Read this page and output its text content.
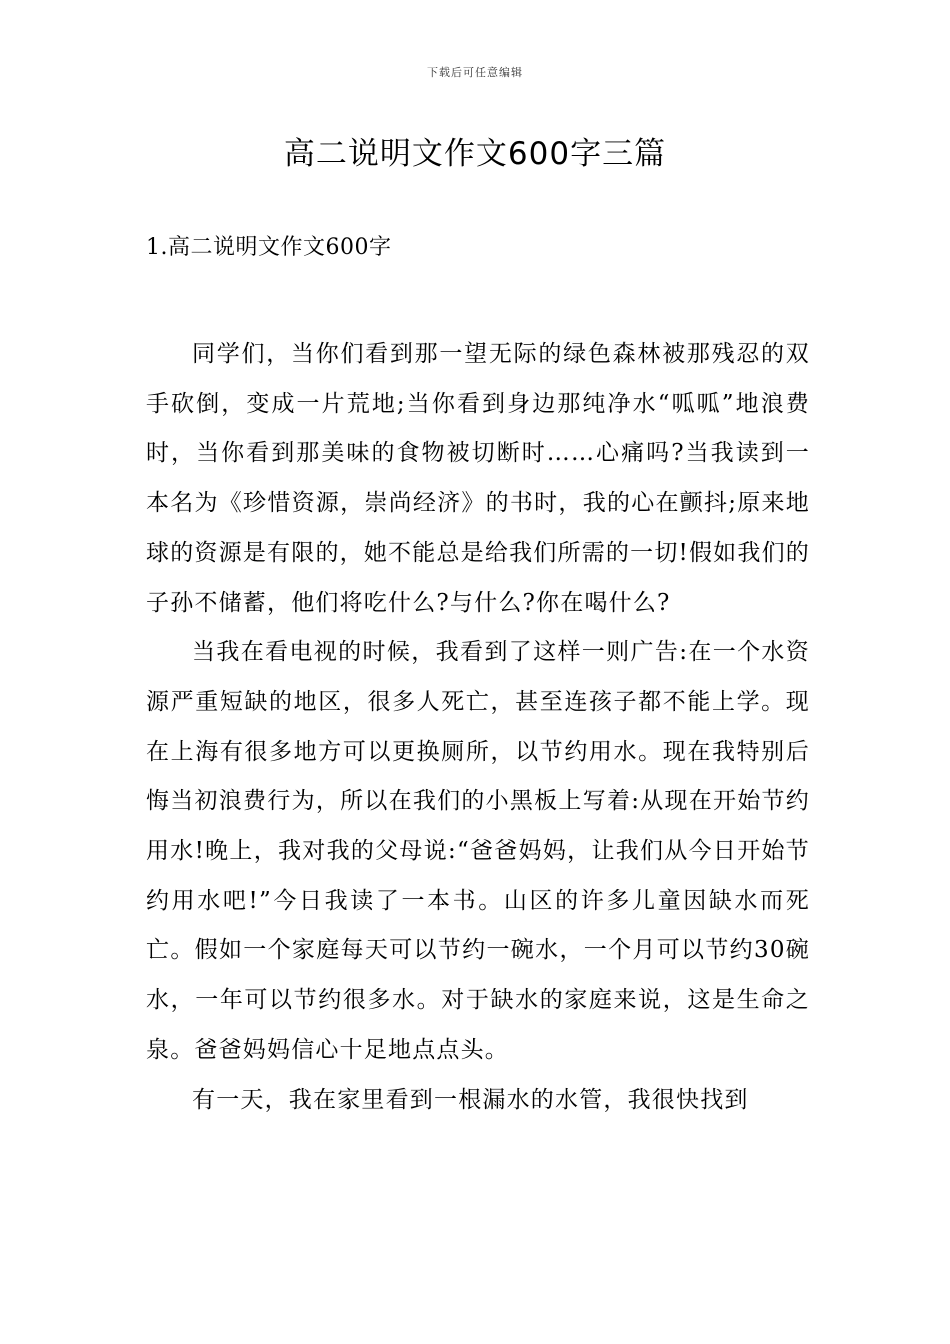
下载后可任意编辑
高二说明文作文600字三篇
1.高二说明文作文600字

同学们，当你们看到那一望无际的绿色森林被那残忍的双手砍倒，变成一片荒地;当你看到身边那纯净水“呱呱”地浪费时，当你看到那美味的食物被切断时……心痛吗?当我读到一本名为《珍惜资源，崇尚经济》的书时，我的心在颤抖;原来地球的资源是有限的，她不能总是给我们所需的一切!假如我们的子孙不储蓄，他们将吃什么?与什么?你在喝什么?

当我在看电视的时候，我看到了这样一则广告:在一个水资源严重短缺的地区，很多人死亡，甚至连孩子都不能上学。现在上海有很多地方可以更换厕所，以节约用水。现在我特别后悔当初浪费行为，所以在我们的小黑板上写着:从现在开始节约用水!晚上，我对我的父母说:“爸爸妈妈，让我们从今日开始节约用水吧!”今日我读了一本书。山区的许多儿童因缺水而死亡。假如一个家庭每天可以节约一碗水，一个月可以节约30碗水，一年可以节约很多水。对于缺水的家庭来说，这是生命之泉。爸爸妈妈信心十足地点点头。

有一天，我在家里看到一根漏水的水管，我很快找到
